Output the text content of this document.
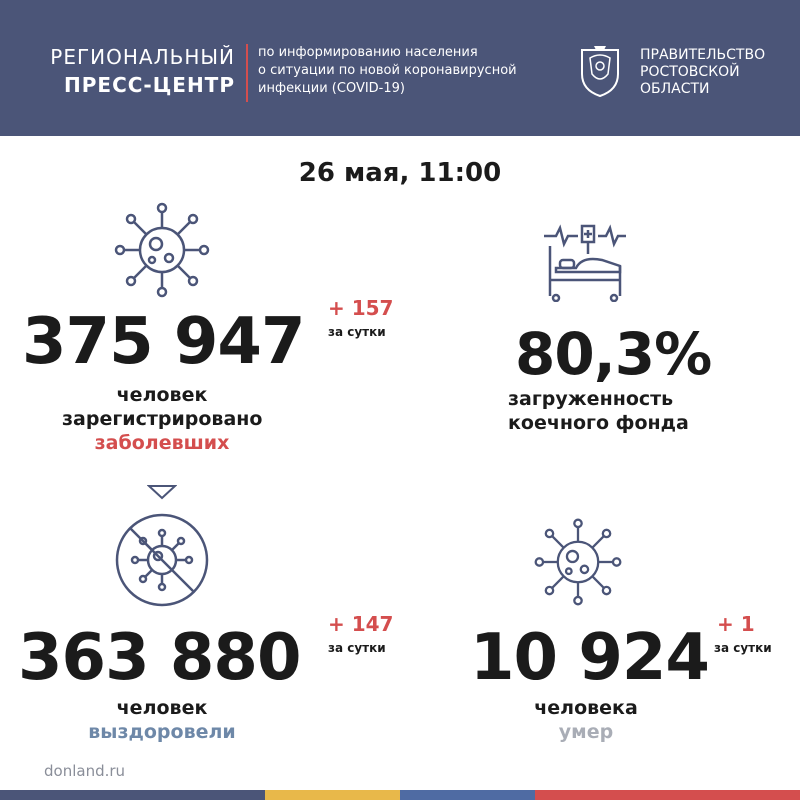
РЕГИОНАЛЬНЫЙ
ПРЕСС-ЦЕНТР
по информированию населения
о ситуации по новой коронавирусной
инфекции (COVID-19)
ПРАВИТЕЛЬСТВО
РОСТОВСКОЙ
ОБЛАСТИ
26 мая, 11:00
375 947 + 157
за сутки
человек
зарегистрировано
заболевших
80,3%
загруженность
коечного фонда
363 880 + 147
за сутки
человек
выздоровели
10 924 + 1
за сутки
человека
умер
donland.ru
